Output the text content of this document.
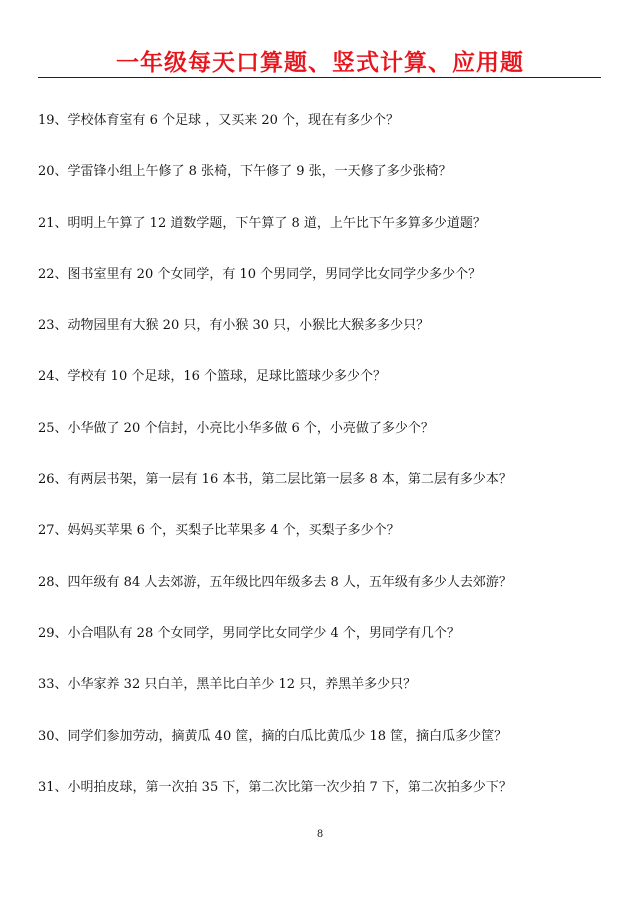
一年级每天口算题、竖式计算、应用题
19、学校体育室有 6 个足球 ，又买来 20 个，现在有多少个？
20、学雷锋小组上午修了 8 张椅，下午修了 9 张，一天修了多少张椅？
21、明明上午算了 12 道数学题，下午算了 8 道，上午比下午多算多少道题？
22、图书室里有 20 个女同学，有 10 个男同学，男同学比女同学少多少个？
23、动物园里有大猴 20 只，有小猴 30 只，小猴比大猴多多少只？
24、学校有 10 个足球，16 个篮球，足球比篮球少多少个？
25、小华做了 20 个信封，小亮比小华多做 6 个，小亮做了多少个？
26、有两层书架，第一层有 16 本书，第二层比第一层多 8 本，第二层有多少本？
27、妈妈买苹果 6 个，买梨子比苹果多 4 个，买梨子多少个？
28、四年级有 84 人去郊游，五年级比四年级多去 8 人，五年级有多少人去郊游？
29、小合唱队有 28 个女同学，男同学比女同学少 4 个，男同学有几个？
33、小华家养 32 只白羊，黑羊比白羊少 12 只，养黑羊多少只？
30、同学们参加劳动，摘黄瓜 40 筐，摘的白瓜比黄瓜少 18 筐，摘白瓜多少筐？
31、小明拍皮球，第一次拍 35 下，第二次比第一次少拍 7 下，第二次拍多少下？
8
